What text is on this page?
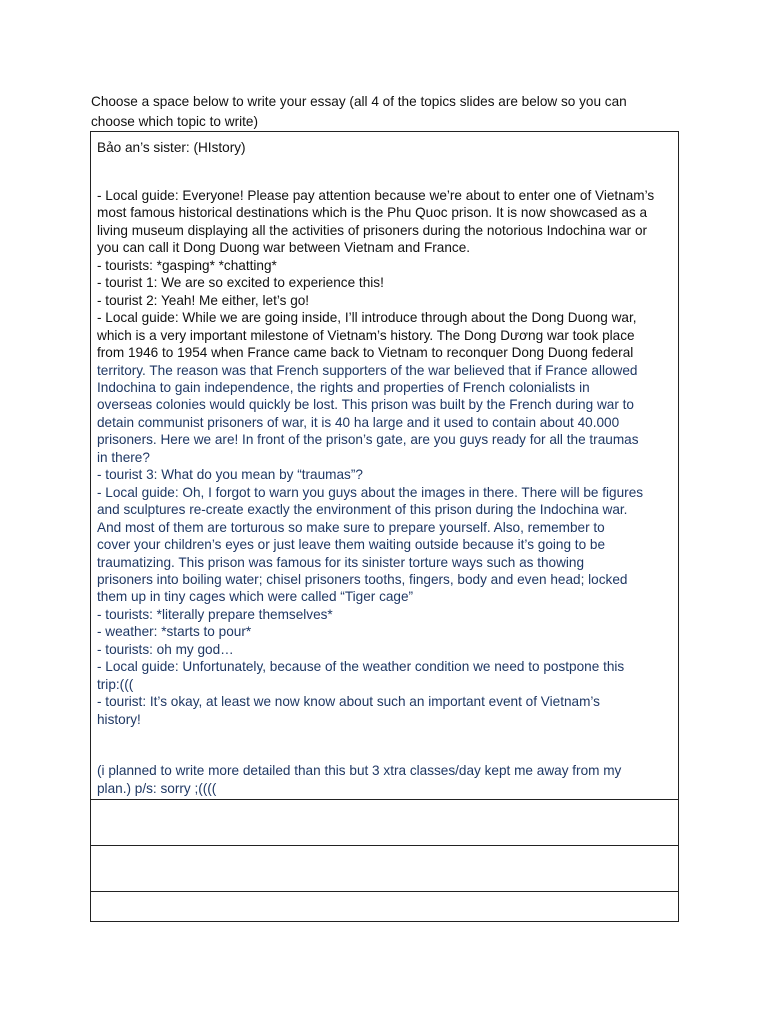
Choose a space below to write your essay (all 4 of the topics slides are below so you can
choose which topic to write)
Bảo an’s sister: (HIstory)
- Local guide: Everyone! Please pay attention because we’re about to enter one of Vietnam’s
most famous historical destinations which is the Phu Quoc prison. It is now showcased as a
living museum displaying all the activities of prisoners during the notorious Indochina war or
you can call it Dong Duong war between Vietnam and France.
- tourists: *gasping* *chatting*
- tourist 1: We are so excited to experience this!
- tourist 2: Yeah! Me either, let’s go!
- Local guide: While we are going inside, I’ll introduce through about the Dong Duong war,
which is a very important milestone of Vietnam’s history. The Dong Dương war took place
from 1946 to 1954 when France came back to Vietnam to reconquer Dong Duong federal
territory. The reason was that French supporters of the war believed that if France allowed
Indochina to gain independence, the rights and properties of French colonialists in
overseas colonies would quickly be lost. This prison was built by the French during war to
detain communist prisoners of war, it is 40 ha large and it used to contain about 40.000
prisoners. Here we are! In front of the prison’s gate, are you guys ready for all the traumas
in there?
- tourist 3: What do you mean by “traumas”?
- Local guide: Oh, I forgot to warn you guys about the images in there. There will be figures
and sculptures re-create exactly the environment of this prison during the Indochina war.
And most of them are torturous so make sure to prepare yourself. Also, remember to
cover your children’s eyes or just leave them waiting outside because it’s going to be
traumatizing. This prison was famous for its sinister torture ways such as thowing
prisoners into boiling water; chisel prisoners tooths, fingers, body and even head; locked
them up in tiny cages which were called “Tiger cage”
- tourists: *literally prepare themselves*
- weather: *starts to pour*
- tourists: oh my god…
- Local guide: Unfortunately, because of the weather condition we need to postpone this
trip:(((
- tourist: It’s okay, at least we now know about such an important event of Vietnam’s
history!
(i planned to write more detailed than this but 3 xtra classes/day kept me away from my
plan.) p/s: sorry ;((((
